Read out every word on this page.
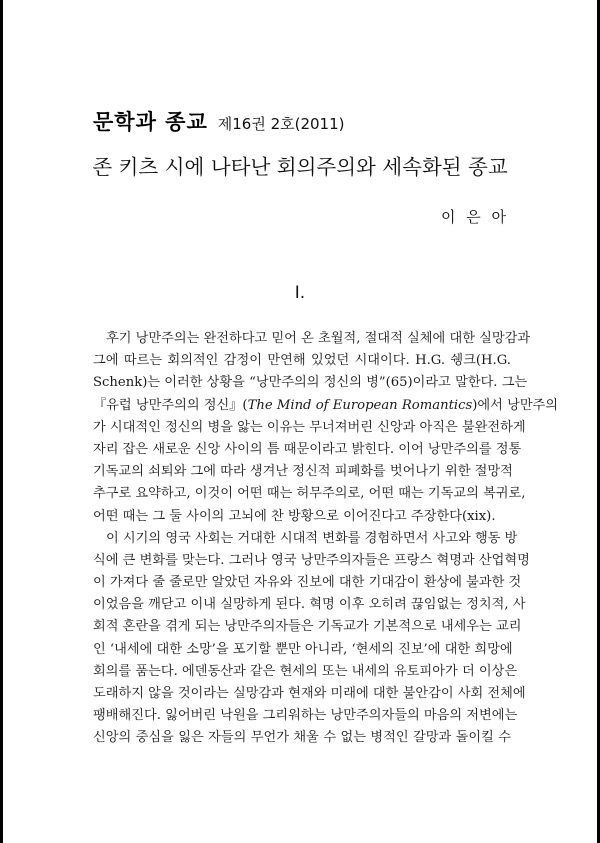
문학과 종교 제16권 2호(2011)
존 키츠 시에 나타난 회의주의와 세속화된 종교
이 은 아
I.
후기 낭만주의는 완전하다고 믿어 온 초월적, 절대적 실체에 대한 실망감과
그에 따르는 회의적인 감정이 만연해 있었던 시대이다. H.G. 쉥크(H.G.
Schenk)는 이러한 상황을 “낭만주의의 정신의 병”(65)이라고 말한다. 그는
『유럽 낭만주의의 정신』(The Mind of European Romantics)에서 낭만주의
가 시대적인 정신의 병을 앓는 이유는 무너져버린 신앙과 아직은 불완전하게
자리 잡은 새로운 신앙 사이의 틈 때문이라고 밝힌다. 이어 낭만주의를 정통
기독교의 쇠퇴와 그에 따라 생겨난 정신적 피폐화를 벗어나기 위한 절망적
추구로 요약하고, 이것이 어떤 때는 허무주의로, 어떤 때는 기독교의 복귀로,
어떤 때는 그 둘 사이의 고뇌에 찬 방황으로 이어진다고 주장한다(xix).
이 시기의 영국 사회는 거대한 시대적 변화를 경험하면서 사고와 행동 방
식에 큰 변화를 맞는다. 그러나 영국 낭만주의자들은 프랑스 혁명과 산업혁명
이 가져다 줄 줄로만 알았던 자유와 진보에 대한 기대감이 환상에 불과한 것
이었음을 깨닫고 이내 실망하게 된다. 혁명 이후 오히려 끊임없는 정치적, 사
회적 혼란을 겪게 되는 낭만주의자들은 기독교가 기본적으로 내세우는 교리
인 ‘내세에 대한 소망’을 포기할 뿐만 아니라, ‘현세의 진보’에 대한 희망에
회의를 품는다. 에덴동산과 같은 현세의 또는 내세의 유토피아가 더 이상은
도래하지 않을 것이라는 실망감과 현재와 미래에 대한 불안감이 사회 전체에
팽배해진다. 잃어버린 낙원을 그리워하는 낭만주의자들의 마음의 저변에는
신앙의 중심을 잃은 자들의 무언가 채울 수 없는 병적인 갈망과 돌이킬 수
